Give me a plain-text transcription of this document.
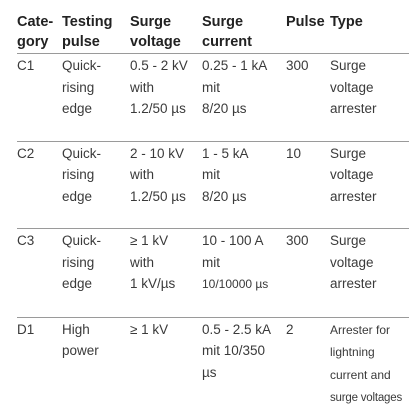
Cate-
gory	Testing
pulse	Surge
voltage	Surge
current	Pulse	Type
C1	Quick-
rising
edge	0.5 - 2 kV
with
1.2/50 µs	0.25 - 1 kA
mit
8/20 µs	300	Surge
voltage
arrester
C2	Quick-
rising
edge	2 - 10 kV
with
1.2/50 µs	1 - 5 kA
mit
8/20 µs	10	Surge
voltage
arrester
C3	Quick-
rising
edge	≥ 1 kV
with
1 kV/µs	10 - 100 A
mit
10/10000 µs	300	Surge
voltage
arrester
D1	High
power	≥ 1 kV	0.5 - 2.5 kA
mit 10/350
µs	2	Arrester for
lightning
current and
surge voltages
